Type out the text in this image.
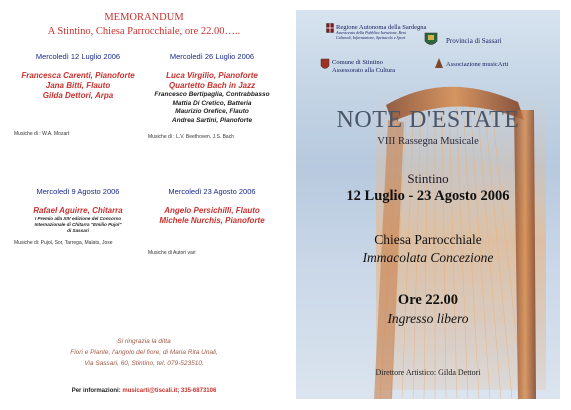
MEMORANDUM
A Stintino, Chiesa Parrocchiale, ore 22.00…..
Mercoledì 12 Luglio 2006
Francesca Carenti, Pianoforte
Jana Bitti, Flauto
Gilda Dettori, Arpa
Musiche di : W.A. Mozart
Mercoledì 26 Luglio 2006
Luca Virgilio, Pianoforte
Quartetto Bach in Jazz
Francesco Bertipaglia, Contrabbasso
Mattia Di Cretico, Batteria
Maurizio Orefice, Flauto
Andrea Sartini, Pianoforte
Musiche di : L.V. Beethoven, J.S. Bach
Mercoledì 9 Agosto 2006
Rafael Aguirre, Chitarra
I Premio alla XIV edizione del Concorso
Internazionale di Chitarra "Emilio Pujol"
di Sassari
Musiche di: Pujol, Sor, Tarrega, Malats, Jose
Mercoledì 23 Agosto 2006
Angelo Persichilli, Flauto
Michele Nurchis, Pianoforte
Musiche di Autori vari
Si ringrazia la ditta
Fiori e Piante, l'angolo del fiore, di Maria Rita Unali,
Via Sassari, 60, Stintino, tel. 079-523510.
Per informazioni: musicarti@tiscali.it; 335-6873106
Regione Autonoma della Sardegna
Assessorato della Pubblica Istruzione, Beni Culturali, Informazione, Spettacolo e Sport	Provincia di Sassari
Comune di Stintino
Assessorato alla Cultura
Associazione musicArti
NOTE D'ESTATE
VIII Rassegna Musicale
Stintino
12 Luglio - 23 Agosto 2006
Chiesa Parrocchiale
Immacolata Concezione
Ore 22.00
Ingresso libero
Direttore Artistico: Gilda Dettori
